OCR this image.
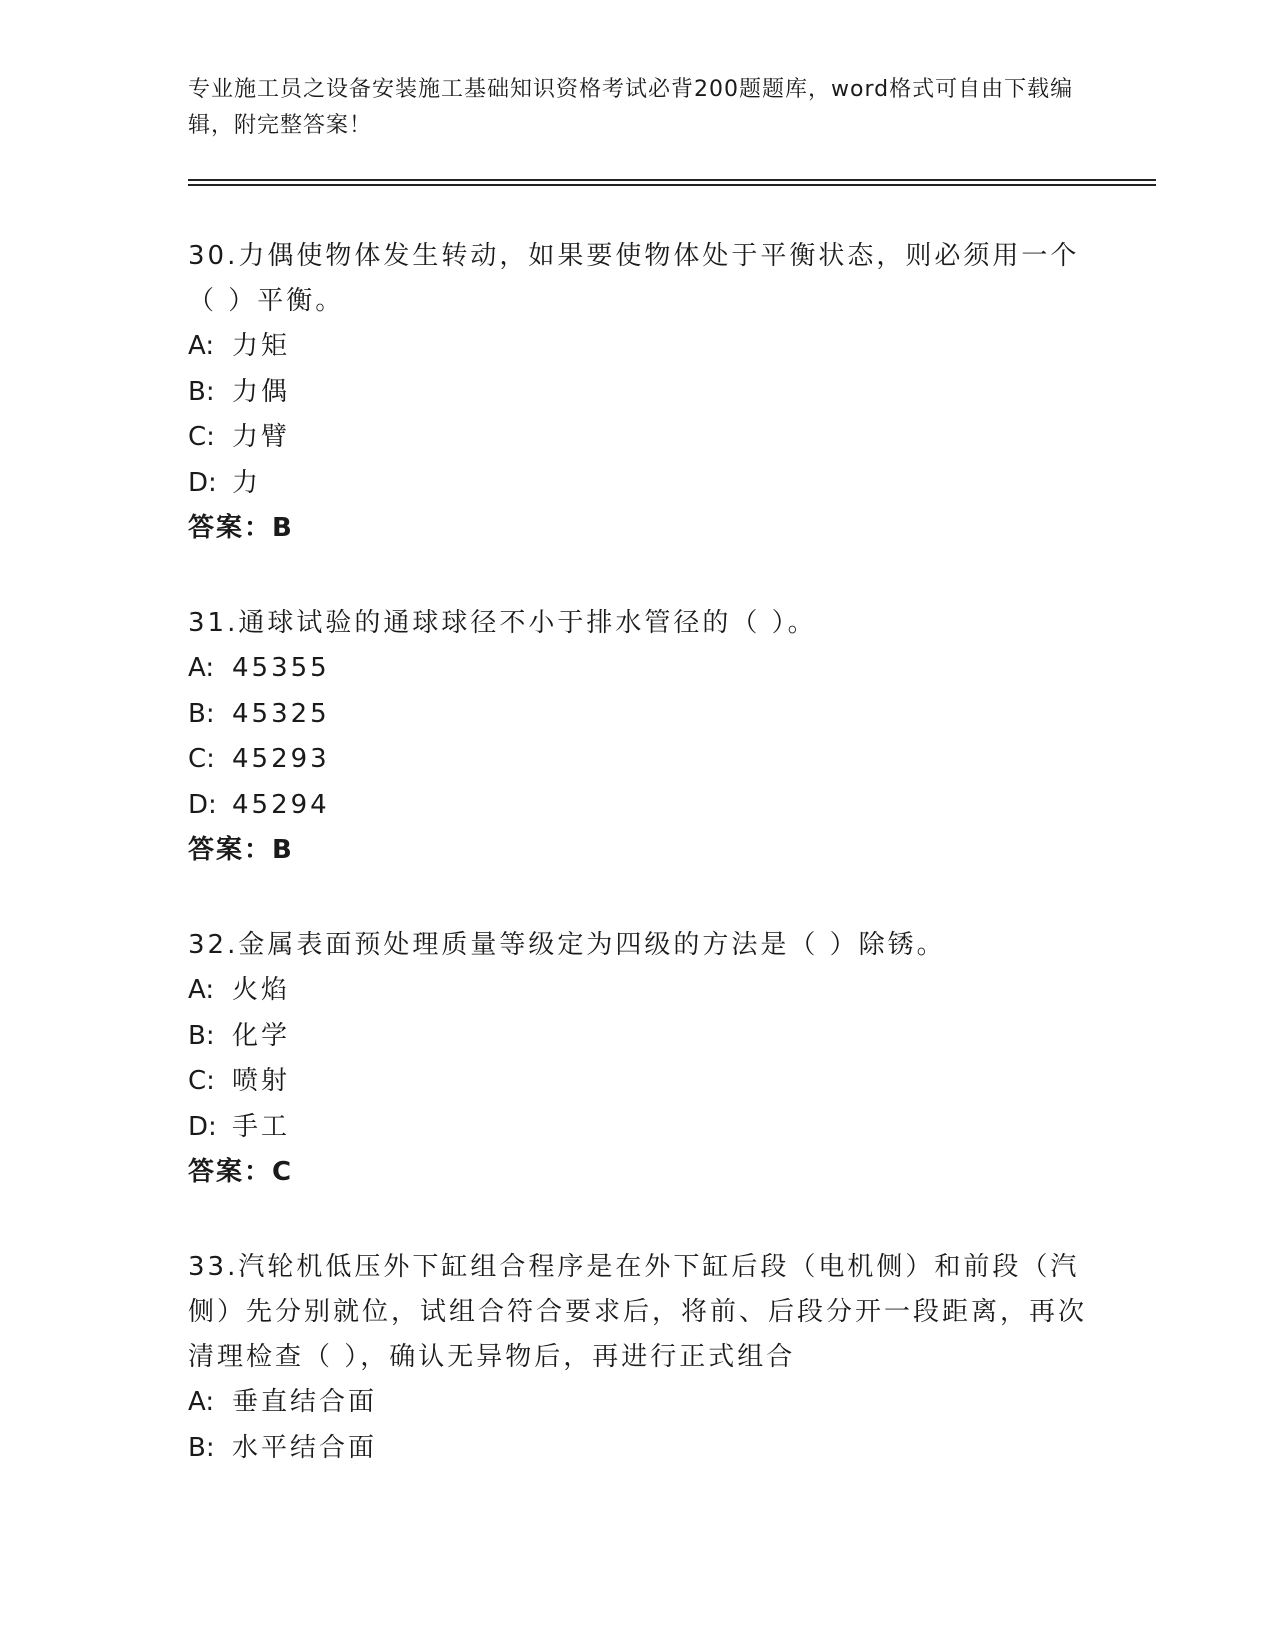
专业施工员之设备安装施工基础知识资格考试必背200题题库，word格式可自由下载编辑，附完整答案！
30.力偶使物体发生转动，如果要使物体处于平衡状态，则必须用一个（ ）平衡。
A: 力矩
B: 力偶
C: 力臂
D: 力
答案：B
31.通球试验的通球球径不小于排水管径的（ ）。
A: 45355
B: 45325
C: 45293
D: 45294
答案：B
32.金属表面预处理质量等级定为四级的方法是（ ）除锈。
A: 火焰
B: 化学
C: 喷射
D: 手工
答案：C
33.汽轮机低压外下缸组合程序是在外下缸后段（电机侧）和前段（汽侧）先分别就位，试组合符合要求后，将前、后段分开一段距离，再次清理检查（ ），确认无异物后，再进行正式组合
A: 垂直结合面
B: 水平结合面
